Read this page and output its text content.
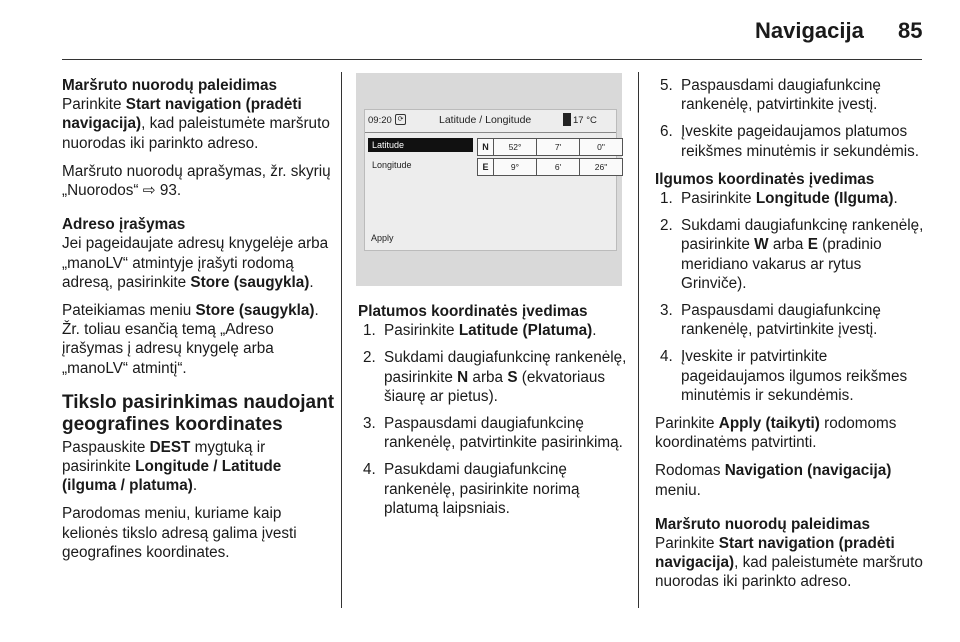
Navigacija 85
Maršruto nuorodų paleidimas

Parinkite Start navigation (pradėti navigacija), kad paleistumėte maršruto nuorodas iki parinkto adreso.

Maršruto nuorodų aprašymas, žr. skyrių „Nuorodos“ ⇨ 93.

Adreso įrašymas

Jei pageidaujate adresų knygelėje arba „manoLV“ atmintyje įrašyti rodomą adresą, pasirinkite Store (saugykla).

Pateikiamas meniu Store (saugykla). Žr. toliau esančią temą „Adreso įrašymas į adresų knygelę arba „manoLV“ atmintį“.

Tikslo pasirinkimas naudojant geografines koordinates

Paspauskite DEST mygtuką ir pasirinkite Longitude / Latitude (ilguma / platuma).

Parodomas meniu, kuriame kaip kelionės tikslo adresą galima įvesti geografines koordinates.

09:20 ⟳	Latitude / Longitude	17 °C
Latitude
Longitude
Apply
N	52°	7'	0"
E	9°	6'	26"
Platumos koordinatės įvedimas
1. Pasirinkite Latitude (Platuma).
2. Sukdami daugiafunkcinę rankenėlę, pasirinkite N arba S (ekvatoriaus šiaurę ar pietus).
3. Paspausdami daugiafunkcinę rankenėlę, patvirtinkite pasirinkimą.
4. Pasukdami daugiafunkcinę rankenėlę, pasirinkite norimą platumą laipsniais.
5. Paspausdami daugiafunkcinę rankenėlę, patvirtinkite įvestį.
6. Įveskite pageidaujamos platumos reikšmes minutėmis ir sekundėmis.
Ilgumos koordinatės įvedimas
1. Pasirinkite Longitude (Ilguma).
2. Sukdami daugiafunkcinę rankenėlę, pasirinkite W arba E (pradinio meridiano vakarus ar rytus Grinviče).
3. Paspausdami daugiafunkcinę rankenėlę, patvirtinkite įvestį.
4. Įveskite ir patvirtinkite pageidaujamos ilgumos reikšmes minutėmis ir sekundėmis.

Parinkite Apply (taikyti) rodomoms koordinatėms patvirtinti.

Rodomas Navigation (navigacija) meniu.

Maršruto nuorodų paleidimas

Parinkite Start navigation (pradėti navigacija), kad paleistumėte maršruto nuorodas iki parinkto adreso.
